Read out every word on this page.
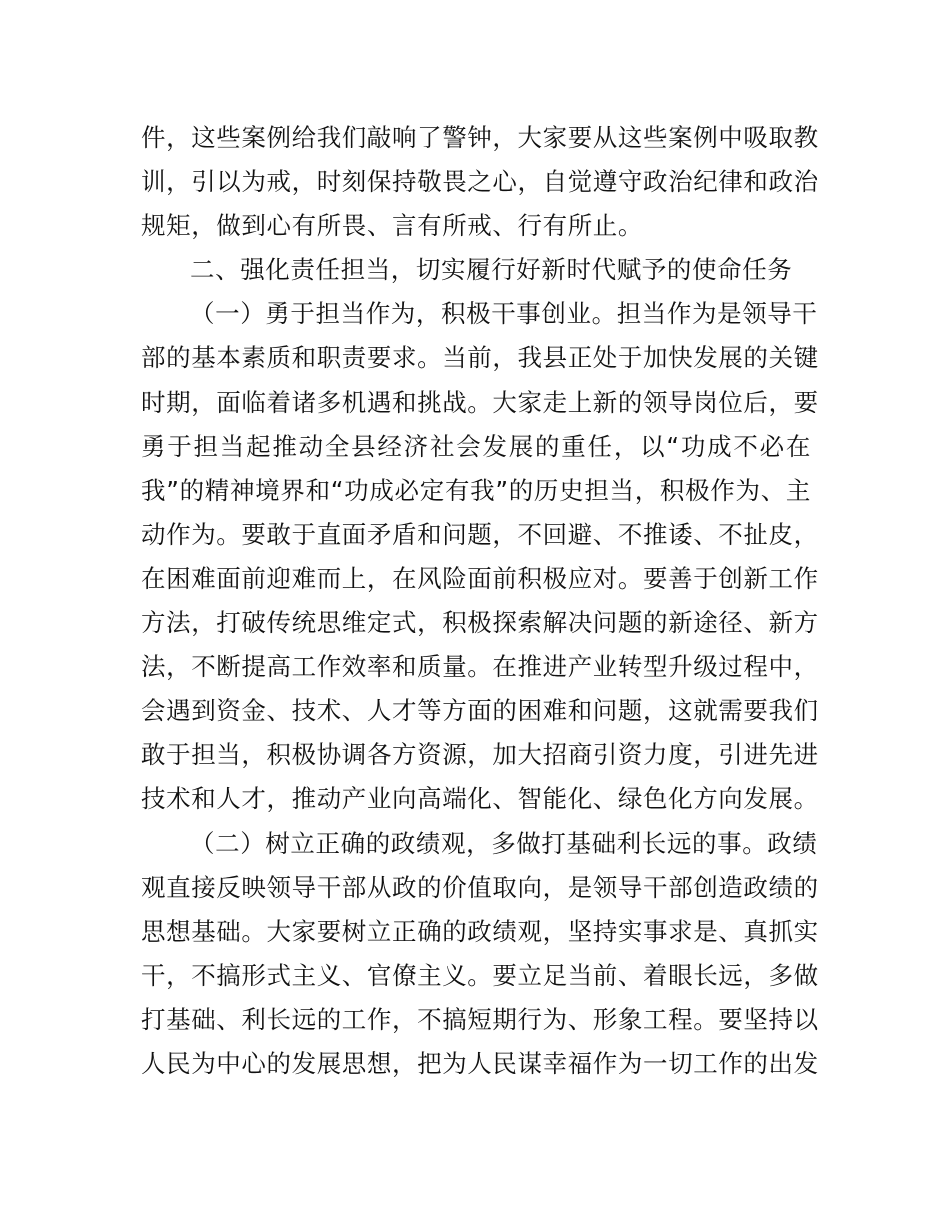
件，这些案例给我们敲响了警钟，大家要从这些案例中吸取教
训，引以为戒，时刻保持敬畏之心，自觉遵守政治纪律和政治
规矩，做到心有所畏、言有所戒、行有所止。
二、强化责任担当，切实履行好新时代赋予的使命任务
（一）勇于担当作为，积极干事创业。担当作为是领导干
部的基本素质和职责要求。当前，我县正处于加快发展的关键
时期，面临着诸多机遇和挑战。大家走上新的领导岗位后，要
勇于担当起推动全县经济社会发展的重任，以“功成不必在
我”的精神境界和“功成必定有我”的历史担当，积极作为、主
动作为。要敢于直面矛盾和问题，不回避、不推诿、不扯皮，
在困难面前迎难而上，在风险面前积极应对。要善于创新工作
方法，打破传统思维定式，积极探索解决问题的新途径、新方
法，不断提高工作效率和质量。在推进产业转型升级过程中，
会遇到资金、技术、人才等方面的困难和问题，这就需要我们
敢于担当，积极协调各方资源，加大招商引资力度，引进先进
技术和人才，推动产业向高端化、智能化、绿色化方向发展。
（二）树立正确的政绩观，多做打基础利长远的事。政绩
观直接反映领导干部从政的价值取向，是领导干部创造政绩的
思想基础。大家要树立正确的政绩观，坚持实事求是、真抓实
干，不搞形式主义、官僚主义。要立足当前、着眼长远，多做
打基础、利长远的工作，不搞短期行为、形象工程。要坚持以
人民为中心的发展思想，把为人民谋幸福作为一切工作的出发
